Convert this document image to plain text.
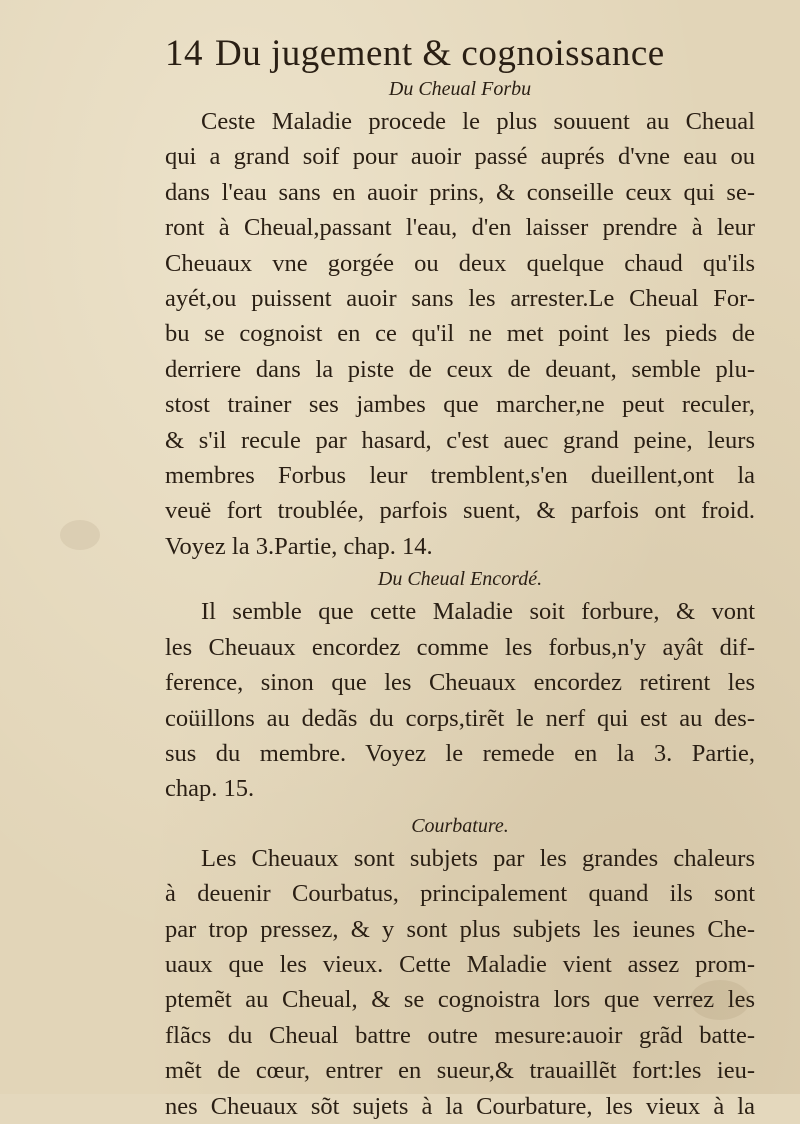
14 Du jugement & cognoissance
Du Cheual Forbu
Ceste Maladie procede le plus souuent au Cheual
qui a grand soif pour auoir passé auprés d'vne eau ou
dans l'eau sans en auoir prins, & conseille ceux qui se-
ront à Cheual,passant l'eau, d'en laisser prendre à leur
Cheuaux vne gorgée ou deux quelque chaud qu'ils
ayét,ou puissent auoir sans les arrester.Le Cheual For-
bu se cognoist en ce qu'il ne met point les pieds de
derriere dans la piste de ceux de deuant, semble plu-
stost trainer ses jambes que marcher,ne peut reculer,
& s'il recule par hasard, c'est auec grand peine, leurs
membres Forbus leur tremblent,s'en dueillent,ont la
veuë fort troublée, parfois suent, & parfois ont froid.
Voyez la 3.Partie, chap. 14.
Du Cheual Encordé.
Il semble que cette Maladie soit forbure, & vont
les Cheuaux encordez comme les forbus,n'y ayât dif-
ference, sinon que les Cheuaux encordez retirent les
coüillons au dedãs du corps,tirẽt le nerf qui est au des-
sus du membre. Voyez le remede en la 3. Partie,
chap. 15.
Courbature.
Les Cheuaux sont subjets par les grandes chaleurs
à deuenir Courbatus, principalement quand ils sont
par trop pressez, & y sont plus subjets les ieunes Che-
uaux que les vieux. Cette Maladie vient assez prom-
ptemẽt au Cheual, & se cognoistra lors que verrez les
flãcs du Cheual battre outre mesure:auoir grãd batte-
mẽt de cœur, entrer en sueur,& trauaillẽt fort:les ieu-
nes Cheuaux sõt sujets à la Courbature, les vieux à la
